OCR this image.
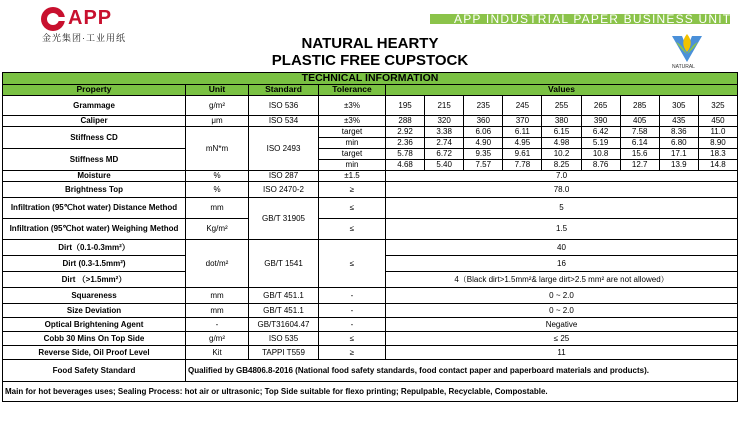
APP
金光集团·工业用纸
APP INDUSTRIAL PAPER BUSINESS UNIT
NATURAL HEARTY
PLASTIC FREE CUPSTOCK	NATURAL
TECHNICAL INFORMATION												
Property	Unit	Standard	Tolerance	Values								
Grammage	g/m²	ISO 536	±3%	195	215	235	245	255	265	285	305	325
Caliper	μm	ISO 534	±3%	288	320	360	370	380	390	405	435	450
Stiffness CD	mN*m	ISO 2493	target	2.92	3.38	6.06	6.11	6.15	6.42	7.58	8.36	11.0
			min	2.36	2.74	4.90	4.95	4.98	5.19	6.14	6.80	8.90
Stiffness MD			target	5.78	6.72	9.35	9.61	10.2	10.8	15.6	17.1	18.3
			min	4.68	5.40	7.57	7.78	8.25	8.76	12.7	13.9	14.8
Moisture	%	ISO 287	±1.5	7.0								
Brightness Top	%	ISO 2470-2	≥	78.0								
Infiltration (95℃hot water) Distance Method	mm	GB/T 31905	≤	5								
Infiltration (95℃hot water) Weighing Method	Kg/m²		≤	1.5								
Dirt（0.1-0.3mm²）	dot/m²	GB/T 1541	≤	40								
Dirt (0.3-1.5mm²)				16								
Dirt （>1.5mm²）				4（Black dirt>1.5mm²& large dirt>2.5 mm² are not allowed）								
Squareness	mm	GB/T 451.1	-	0 ~ 2.0								
Size Deviation	mm	GB/T 451.1	-	0 ~ 2.0								
Optical Brightening Agent	-	GB/T31604.47	-	Negative								
Cobb 30 Mins On Top Side	g/m²	ISO 535	≤	≤ 25								
Reverse Side, Oil Proof Level	Kit	TAPPI T559	≥	11								
Food Safety Standard	Qualified by GB4806.8-2016 (National food safety standards, food contact paper and paperboard materials and products).											
Main for hot beverages uses; Sealing Process: hot air or ultrasonic; Top Side suitable for flexo printing; Repulpable, Recyclable, Compostable.												
